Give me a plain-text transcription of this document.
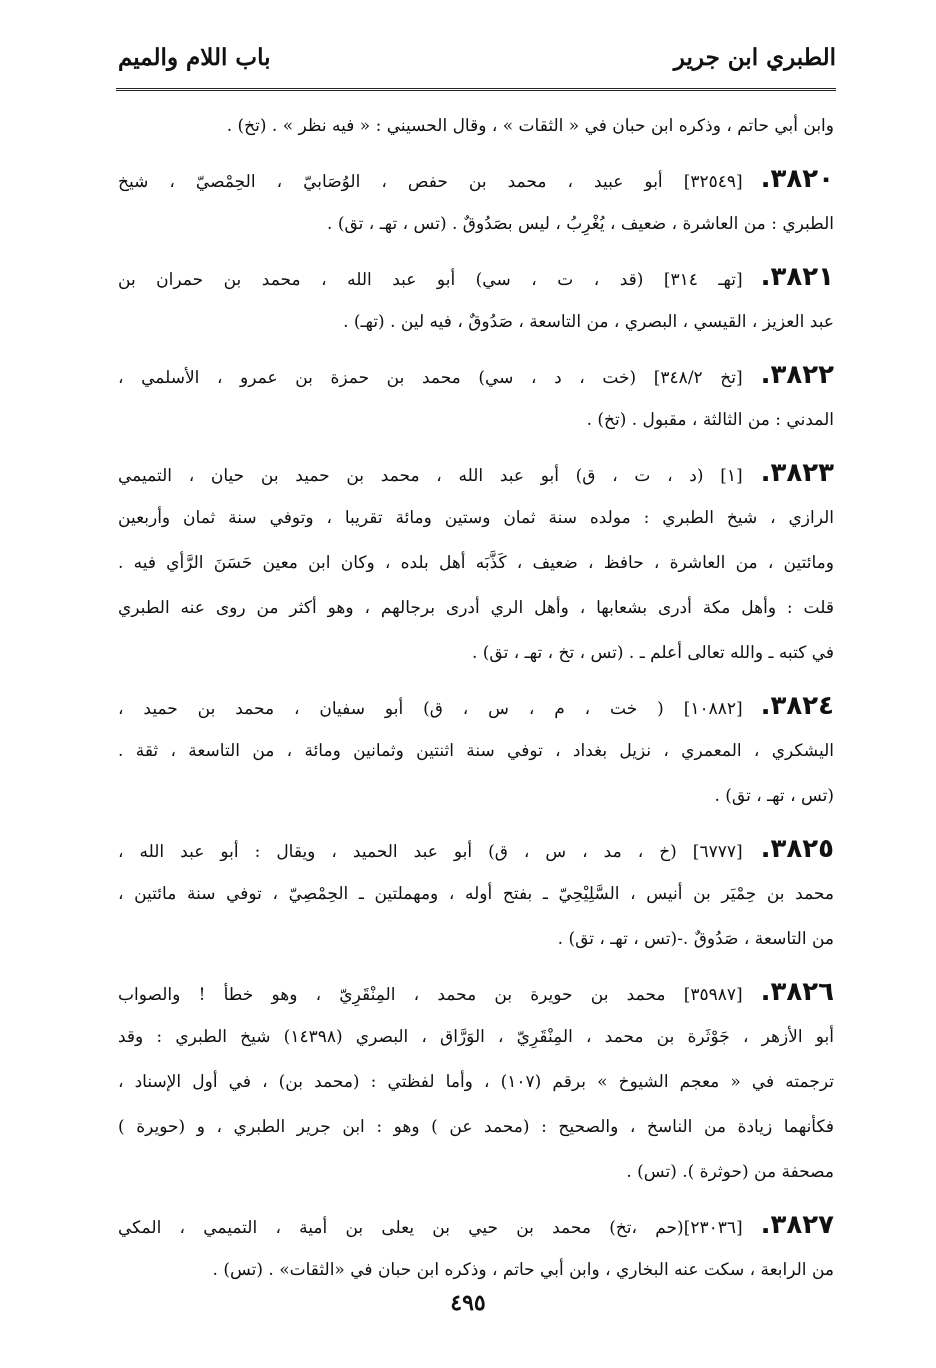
الطبري ابن جرير
باب اللام والميم
وابن أبي حاتم ، وذكره ابن حبان في « الثقات » ، وقال الحسيني : « فيه نظر » . (تخ) .
٣٨٢٠.[٣٢٥٤٩] أبو عبيد ، محمد بن حفص ، الوُصَابيّ ، الحِمْصيّ ، شيخ
الطبري : من العاشرة ، ضعيف ، يُغْرِبُ ، ليس بصَدُوقٌ . (تس ، تهـ ، تق) .
٣٨٢١.[تهـ ٣١٤] (قد ، ت ، سي) أبو عبد الله ، محمد بن حمران بن
عبد العزيز ، القيسي ، البصري ، من التاسعة ، صَدُوقٌ ، فيه لين . (تهـ) .
٣٨٢٢.[تخ ٣٤٨/٢] (خت ، د ، سي) محمد بن حمزة بن عمرو ، الأسلمي ،
المدني : من الثالثة ، مقبول . (تخ) .
٣٨٢٣.[١] (د ، ت ، ق) أبو عبد الله ، محمد بن حميد بن حيان ، التميمي
الرازي ، شيخ الطبري : مولده سنة ثمان وستين ومائة تقريبا ، وتوفي سنة ثمان وأربعين
ومائتين ، من العاشرة ، حافظ ، ضعيف ، كَذَّبَه أهل بلده ، وكان ابن معين حَسَنَ الرَّأي فيه .
قلت : وأهل مكة أدرى بشعابها ، وأهل الري أدرى برجالهم ، وهو أكثر من روى عنه الطبري
في كتبه ـ والله تعالى أعلم ـ . (تس ، تخ ، تهـ ، تق) .
٣٨٢٤.[١٠٨٨٢] ( خت ، م ، س ، ق) أبو سفيان ، محمد بن حميد ،
اليشكري ، المعمري ، نزيل بغداد ، توفي سنة اثنتين وثمانين ومائة ، من التاسعة ، ثقة .
(تس ، تهـ ، تق) .
٣٨٢٥.[٦٧٧٧] (خ ، مد ، س ، ق) أبو عبد الحميد ، ويقال : أبو عبد الله ،
محمد بن حِمْيَر بن أنيس ، السَّلِيْحِيّ ـ بفتح أوله ، ومهملتين ـ الحِمْصِيّ ، توفي سنة مائتين ،
من التاسعة ، صَدُوقٌ .-(تس ، تهـ ، تق) .
٣٨٢٦.[٣٥٩٨٧] محمد بن حويرة بن محمد ، المِنْقَرِيّ ، وهو خطأ ! والصواب
أبو الأزهر ، جَوْثَرة بن محمد ، المِنْقَرِيّ ، الوَرَّاق ، البصري (١٤٣٩٨) شيخ الطبري : وقد
ترجمته في « معجم الشيوخ » برقم (١٠٧) ، وأما لفظتي : (محمد بن) ، في أول الإسناد ،
فكأنهما زيادة من الناسخ ، والصحيح : (محمد عن ) وهو : ابن جرير الطبري ، و (حويرة )
مصحفة من (حوثرة ). (تس) .
٣٨٢٧.[٢٣٠٣٦](حم ،تخ) محمد بن حيي بن يعلى بن أمية ، التميمي ، المكي
من الرابعة ، سكت عنه البخاري ، وابن أبي حاتم ، وذكره ابن حبان في «الثقات» . (تس) .
٤٩٥
